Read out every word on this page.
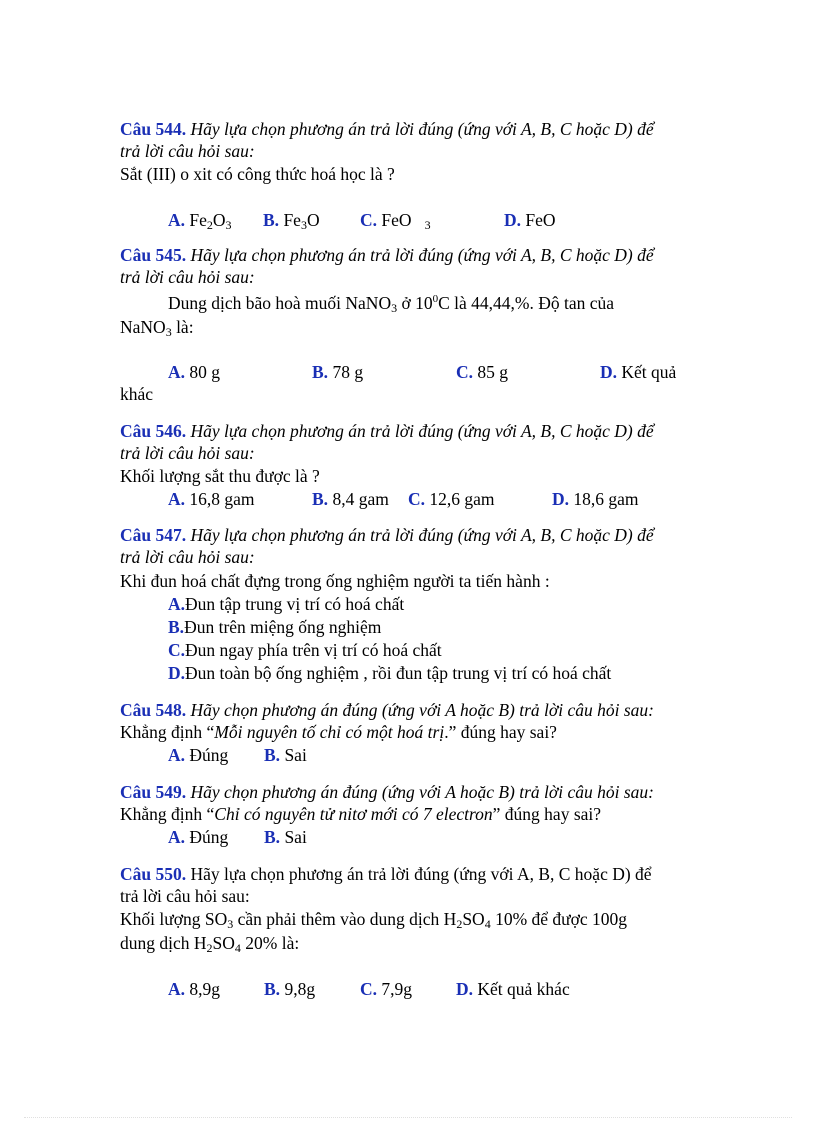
Câu 544. Hãy lựa chọn phương án trả lời đúng (ứng với A, B, C hoặc D) để
trả lời câu hỏi sau:
Sắt (III) o xit có công thức hoá học là ?
A. $Fe_2O_3$ B. $Fe_3O$ C. FeO $_3$	D. FeO
Câu 545. Hãy lựa chọn phương án trả lời đúng (ứng với A, B, C hoặc D) để
trả lời câu hỏi sau:
Dung dịch bão hoà muối NaNO$_3$ ở $10^0C$ là 44,44,%. Độ tan của
NaNO$_3$ là:
A. 80 g	B. 78 g	C. 85 g	D. Kết quả
khác
Câu 546. Hãy lựa chọn phương án trả lời đúng (ứng với A, B, C hoặc D) để
trả lời câu hỏi sau:
Khối lượng sắt thu được là ?
A. 16,8 gam	B. 8,4 gam C. 12,6 gam	D. 18,6 gam
Câu 547. Hãy lựa chọn phương án trả lời đúng (ứng với A, B, C hoặc D) để
trả lời câu hỏi sau:
Khi đun hoá chất đựng trong ống nghiệm người ta tiến hành :
A.Đun tập trung vị trí có hoá chất
B.Đun trên miệng ống nghiệm
C.Đun ngay phía trên vị trí có hoá chất
D.Đun toàn bộ ống nghiệm , rồi đun tập trung vị trí có hoá chất
Câu 548. Hãy chọn phương án đúng (ứng với A hoặc B) trả lời câu hỏi sau:
Khẳng định “Mỗi nguyên tố chỉ có một hoá trị.” đúng hay sai?
A. Đúng B. Sai
Câu 549. Hãy chọn phương án đúng (ứng với A hoặc B) trả lời câu hỏi sau:
Khẳng định “Chỉ có nguyên tử nitơ mới có 7 electron” đúng hay sai?
A. Đúng B. Sai
Câu 550. Hãy lựa chọn phương án trả lời đúng (ứng với A, B, C hoặc D) để
trả lời câu hỏi sau:
Khối lượng $SO_3$ cần phải thêm vào dung dịch $H_2SO_4$ 10% để được 100g
dung dịch $H_2SO_4$ 20% là:
A. 8,9g	B. 9,8g	C. 7,9g	D. Kết quả khác
